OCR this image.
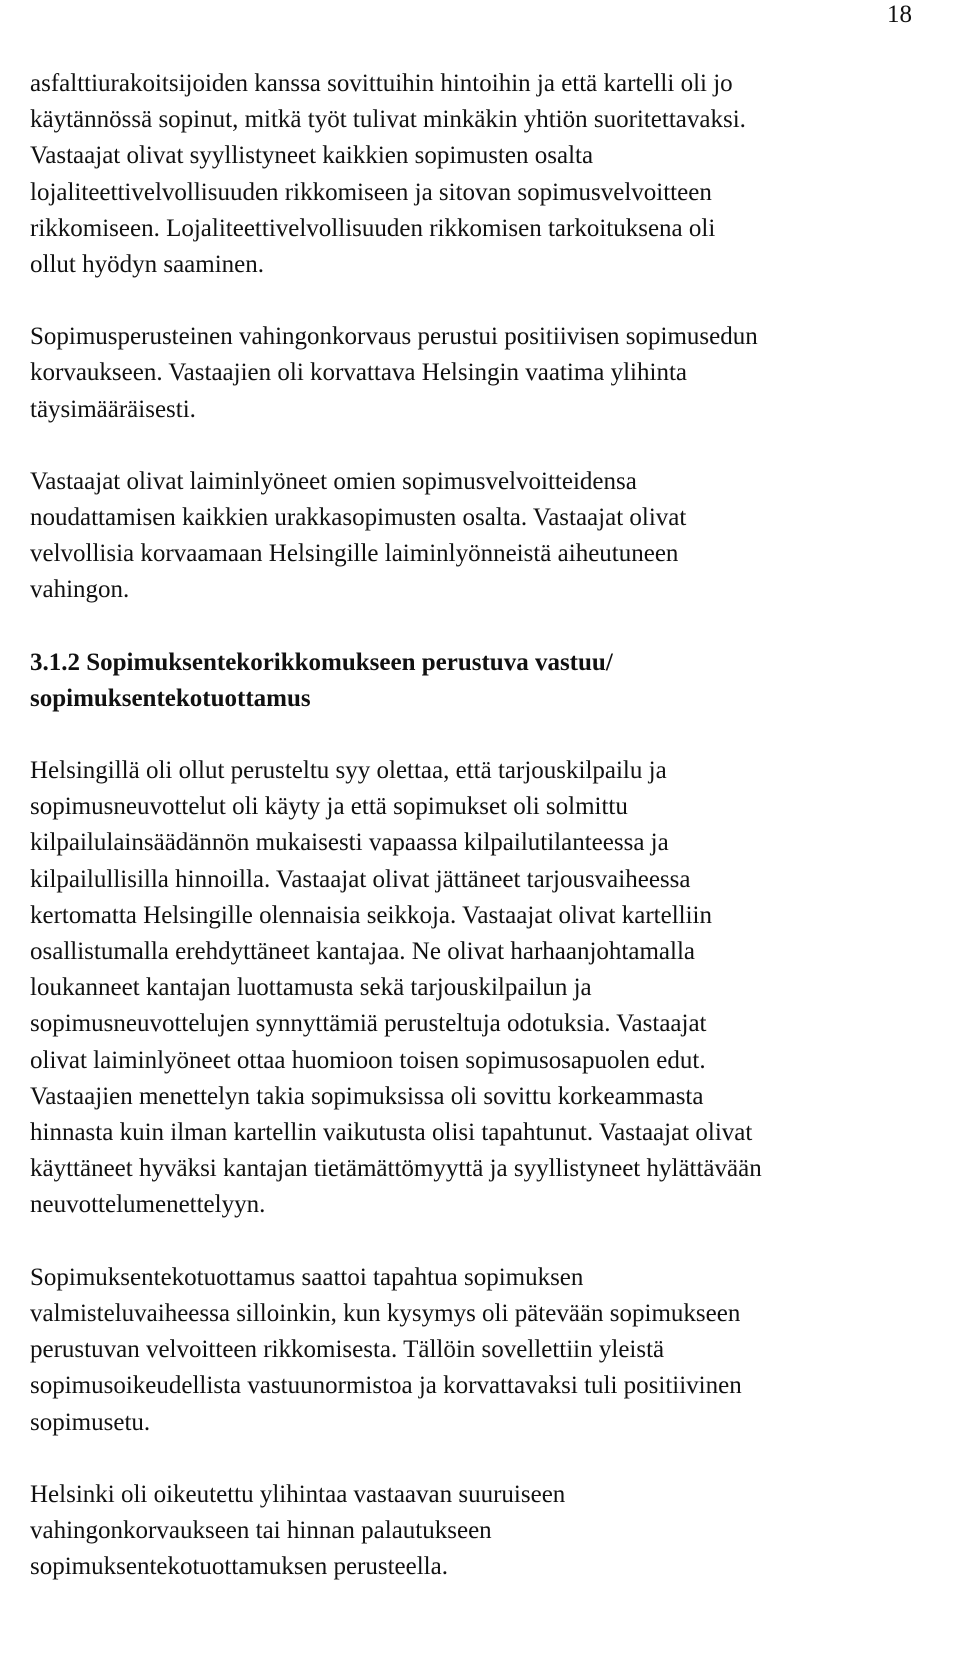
18

asfalttiurakoitsijoiden kanssa sovittuihin hintoihin ja että kartelli oli jo
käytännössä sopinut, mitkä työt tulivat minkäkin yhtiön suoritettavaksi.
Vastaajat olivat syyllistyneet kaikkien sopimusten osalta
lojaliteettivelvollisuuden rikkomiseen ja sitovan sopimusvelvoitteen
rikkomiseen. Lojaliteettivelvollisuuden rikkomisen tarkoituksena oli
ollut hyödyn saaminen.

Sopimusperusteinen vahingonkorvaus perustui positiivisen sopimusedun
korvaukseen. Vastaajien oli korvattava Helsingin vaatima ylihinta
täysimääräisesti.

Vastaajat olivat laiminlyöneet omien sopimusvelvoitteidensa
noudattamisen kaikkien urakkasopimusten osalta. Vastaajat olivat
velvollisia korvaamaan Helsingille laiminlyönneistä aiheutuneen
vahingon.

3.1.2 Sopimuksentekorikkomukseen perustuva vastuu/
sopimuksentekotuottamus

Helsingillä oli ollut perusteltu syy olettaa, että tarjouskilpailu ja
sopimusneuvottelut oli käyty ja että sopimukset oli solmittu
kilpailulainsäädännön mukaisesti vapaassa kilpailutilanteessa ja
kilpailullisilla hinnoilla. Vastaajat olivat jättäneet tarjousvaiheessa
kertomatta Helsingille olennaisia seikkoja. Vastaajat olivat kartelliin
osallistumalla erehdyttäneet kantajaa. Ne olivat harhaanjohtamalla
loukanneet kantajan luottamusta sekä tarjouskilpailun ja
sopimusneuvottelujen synnyttämiä perusteltuja odotuksia. Vastaajat
olivat laiminlyöneet ottaa huomioon toisen sopimusosapuolen edut.
Vastaajien menettelyn takia sopimuksissa oli sovittu korkeammasta
hinnasta kuin ilman kartellin vaikutusta olisi tapahtunut. Vastaajat olivat
käyttäneet hyväksi kantajan tietämättömyyttä ja syyllistyneet hylättävään
neuvottelumenettelyyn.

Sopimuksentekotuottamus saattoi tapahtua sopimuksen
valmisteluvaiheessa silloinkin, kun kysymys oli pätevään sopimukseen
perustuvan velvoitteen rikkomisesta. Tällöin sovellettiin yleistä
sopimusoikeudellista vastuunormistoa ja korvattavaksi tuli positiivinen
sopimusetu.

Helsinki oli oikeutettu ylihintaa vastaavan suuruiseen
vahingonkorvaukseen tai hinnan palautukseen
sopimuksentekotuottamuksen perusteella.
